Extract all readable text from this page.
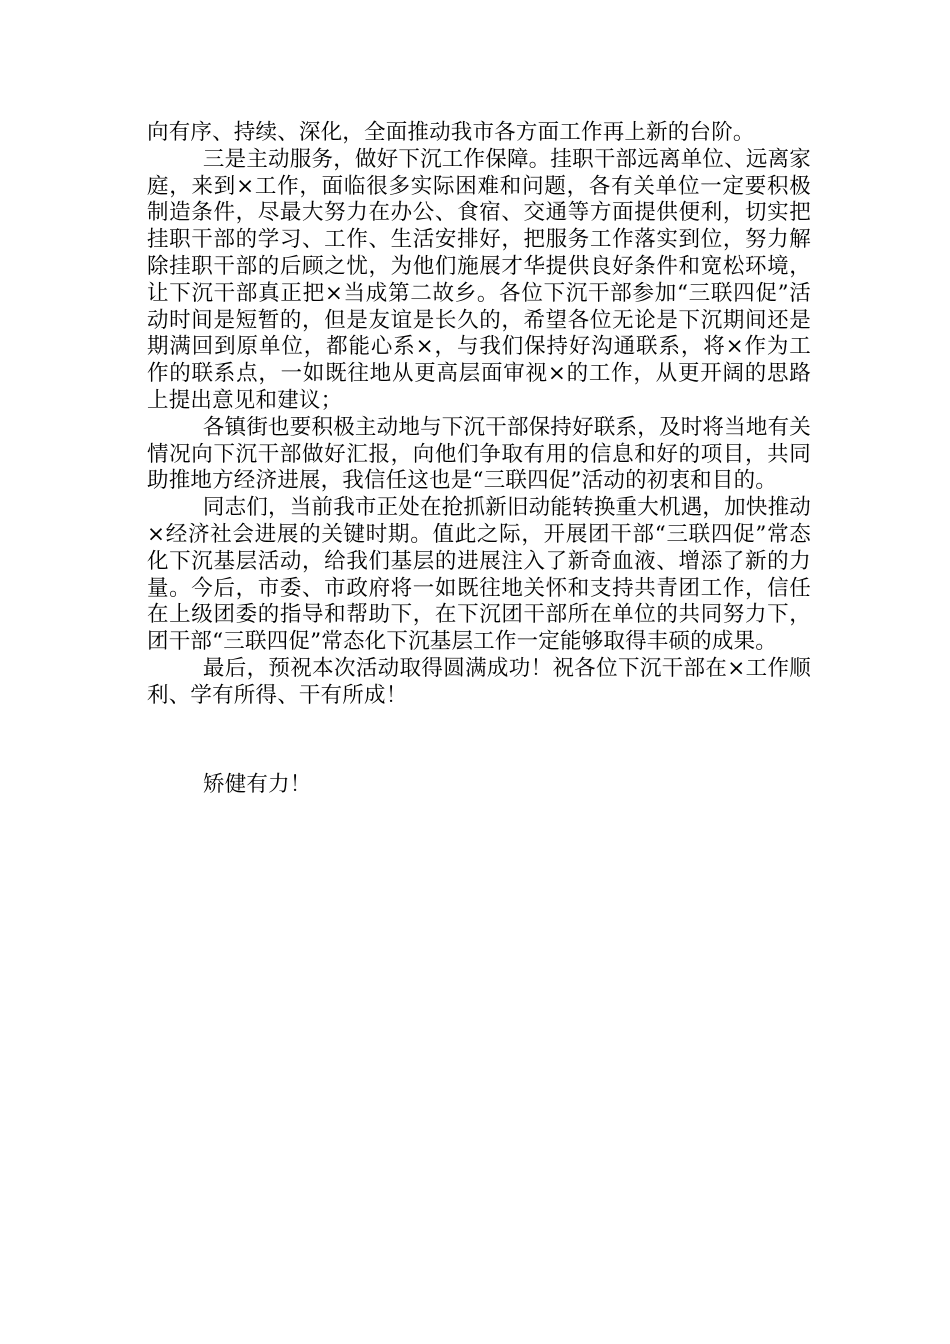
向有序、持续、深化，全面推动我市各方面工作再上新的台阶。

三是主动服务，做好下沉工作保障。挂职干部远离单位、远离家庭，来到×工作，面临很多实际困难和问题，各有关单位一定要积极制造条件，尽最大努力在办公、食宿、交通等方面提供便利，切实把挂职干部的学习、工作、生活安排好，把服务工作落实到位，努力解除挂职干部的后顾之忧，为他们施展才华提供良好条件和宽松环境，让下沉干部真正把×当成第二故乡。各位下沉干部参加“三联四促”活动时间是短暂的，但是友谊是长久的，希望各位无论是下沉期间还是期满回到原单位，都能心系×，与我们保持好沟通联系，将×作为工作的联系点，一如既往地从更高层面审视×的工作，从更开阔的思路上提出意见和建议；

各镇街也要积极主动地与下沉干部保持好联系，及时将当地有关情况向下沉干部做好汇报，向他们争取有用的信息和好的项目，共同助推地方经济进展，我信任这也是“三联四促”活动的初衷和目的。

同志们，当前我市正处在抢抓新旧动能转换重大机遇，加快推动×经济社会进展的关键时期。值此之际，开展团干部“三联四促”常态化下沉基层活动，给我们基层的进展注入了新奇血液、增添了新的力量。今后，市委、市政府将一如既往地关怀和支持共青团工作，信任在上级团委的指导和帮助下，在下沉团干部所在单位的共同努力下，团干部“三联四促”常态化下沉基层工作一定能够取得丰硕的成果。

最后，预祝本次活动取得圆满成功！祝各位下沉干部在×工作顺利、学有所得、干有所成！

矫健有力！
